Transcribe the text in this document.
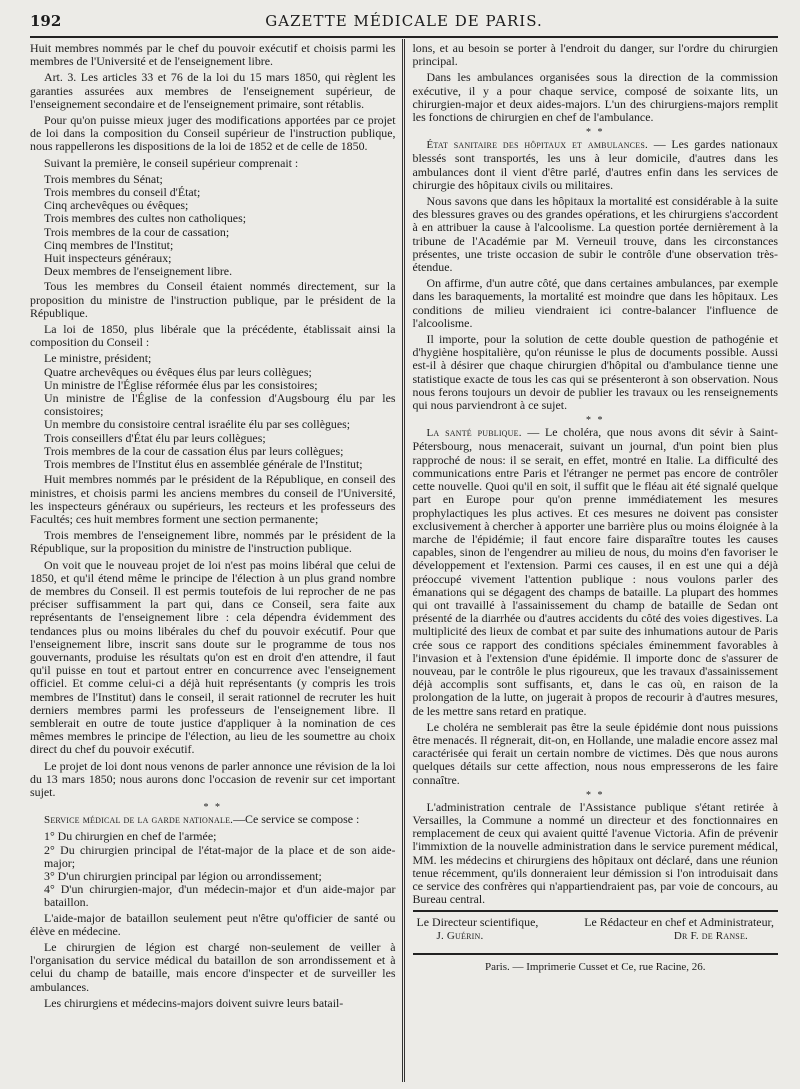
192	GAZETTE MÉDICALE DE PARIS.

Huit membres nommés par le chef du pouvoir exécutif et choisis parmi les membres de l'Université et de l'enseignement libre.

Art. 3. Les articles 33 et 76 de la loi du 15 mars 1850, qui règlent les garanties assurées aux membres de l'enseignement supérieur, de l'enseignement secondaire et de l'enseignement primaire, sont rétablis.

Pour qu'on puisse mieux juger des modifications apportées par ce projet de loi dans la composition du Conseil supérieur de l'instruction publique, nous rappellerons les dispositions de la loi de 1852 et de celle de 1850.

Suivant la première, le conseil supérieur comprenait :

Trois membres du Sénat;
Trois membres du conseil d'État;
Cinq archevêques ou évêques;
Trois membres des cultes non catholiques;
Trois membres de la cour de cassation;
Cinq membres de l'Institut;
Huit inspecteurs généraux;
Deux membres de l'enseignement libre.

Tous les membres du Conseil étaient nommés directement, sur la proposition du ministre de l'instruction publique, par le président de la République.

La loi de 1850, plus libérale que la précédente, établissait ainsi la composition du Conseil :

Le ministre, président;
Quatre archevêques ou évêques élus par leurs collègues;
Un ministre de l'Église réformée élus par les consistoires;
Un ministre de l'Église de la confession d'Augsbourg élu par les consistoires;
Un membre du consistoire central israélite élu par ses collègues;
Trois conseillers d'État élu par leurs collègues;
Trois membres de la cour de cassation élus par leurs collègues;
Trois membres de l'Institut élus en assemblée générale de l'Institut;

Huit membres nommés par le président de la République, en conseil des ministres, et choisis parmi les anciens membres du conseil de l'Université, les inspecteurs généraux ou supérieurs, les recteurs et les professeurs des Facultés; ces huit membres forment une section permanente;

Trois membres de l'enseignement libre, nommés par le président de la République, sur la proposition du ministre de l'instruction publique.

On voit que le nouveau projet de loi n'est pas moins libéral que celui de 1850, et qu'il étend même le principe de l'élection à un plus grand nombre de membres du Conseil. Il est permis toutefois de lui reprocher de ne pas préciser suffisamment la part qui, dans ce Conseil, sera faite aux représentants de l'enseignement libre : cela dépendra évidemment des tendances plus ou moins libérales du chef du pouvoir exécutif. Pour que l'enseignement libre, inscrit sans doute sur le programme de tous nos gouvernants, produise les résultats qu'on est en droit d'en attendre, il faut qu'il puisse en tout et partout entrer en concurrence avec l'enseignement officiel. Et comme celui-ci a déjà huit représentants (y compris les trois membres de l'Institut) dans le conseil, il serait rationnel de recruter les huit derniers membres parmi les professeurs de l'enseignement libre. Il semblerait en outre de toute justice d'appliquer à la nomination de ces mêmes membres le principe de l'élection, au lieu de les soumettre au choix direct du chef du pouvoir exécutif.

Le projet de loi dont nous venons de parler annonce une révision de la loi du 13 mars 1850; nous aurons donc l'occasion de revenir sur cet important sujet.

* *

Service médical de la garde nationale.—Ce service se compose :

1° Du chirurgien en chef de l'armée;
2° Du chirurgien principal de l'état-major de la place et de son aide-major;
3° D'un chirurgien principal par légion ou arrondissement;
4° D'un chirurgien-major, d'un médecin-major et d'un aide-major par bataillon.

L'aide-major de bataillon seulement peut n'être qu'officier de santé ou élève en médecine.

Le chirurgien de légion est chargé non-seulement de veiller à l'organisation du service médical du bataillon de son arrondissement et à celui du champ de bataille, mais encore d'inspecter et de surveiller les ambulances.

Les chirurgiens et médecins-majors doivent suivre leurs batail-

lons, et au besoin se porter à l'endroit du danger, sur l'ordre du chirurgien principal.

Dans les ambulances organisées sous la direction de la commission exécutive, il y a pour chaque service, composé de soixante lits, un chirurgien-major et deux aides-majors. L'un des chirurgiens-majors remplit les fonctions de chirurgien en chef de l'ambulance.

* *

État sanitaire des hôpitaux et ambulances. — Les gardes nationaux blessés sont transportés, les uns à leur domicile, d'autres dans les ambulances dont il vient d'être parlé, d'autres enfin dans les services de chirurgie des hôpitaux civils ou militaires.

Nous savons que dans les hôpitaux la mortalité est considérable à la suite des blessures graves ou des grandes opérations, et les chirurgiens s'accordent à en attribuer la cause à l'alcoolisme. La question portée dernièrement à la tribune de l'Académie par M. Verneuil trouve, dans les circonstances présentes, une triste occasion de subir le contrôle d'une observation très-étendue.

On affirme, d'un autre côté, que dans certaines ambulances, par exemple dans les baraquements, la mortalité est moindre que dans les hôpitaux. Les conditions de milieu viendraient ici contre-balancer l'influence de l'alcoolisme.

Il importe, pour la solution de cette double question de pathogénie et d'hygiène hospitalière, qu'on réunisse le plus de documents possible. Aussi est-il à désirer que chaque chirurgien d'hôpital ou d'ambulance tienne une statistique exacte de tous les cas qui se présenteront à son observation. Nous nous ferons toujours un devoir de publier les travaux ou les renseignements qui nous parviendront à ce sujet.

* *

La santé publique. — Le choléra, que nous avons dit sévir à Saint-Pétersbourg, nous menacerait, suivant un journal, d'un point bien plus rapproché de nous: il se serait, en effet, montré en Italie. La difficulté des communications entre Paris et l'étranger ne permet pas encore de contrôler cette nouvelle. Quoi qu'il en soit, il suffit que le fléau ait été signalé quelque part en Europe pour qu'on prenne immédiatement les mesures prophylactiques les plus actives. Et ces mesures ne doivent pas consister exclusivement à chercher à apporter une barrière plus ou moins éloignée à la marche de l'épidémie; il faut encore faire disparaître toutes les causes capables, sinon de l'engendrer au milieu de nous, du moins d'en favoriser le développement et l'extension. Parmi ces causes, il en est une qui a déjà préoccupé vivement l'attention publique : nous voulons parler des émanations qui se dégagent des champs de bataille. La plupart des hommes qui ont travaillé à l'assainissement du champ de bataille de Sedan ont présenté de la diarrhée ou d'autres accidents du côté des voies digestives. La multiplicité des lieux de combat et par suite des inhumations autour de Paris crée sous ce rapport des conditions spéciales éminemment favorables à l'invasion et à l'extension d'une épidémie. Il importe donc de s'assurer de nouveau, par le contrôle le plus rigoureux, que les travaux d'assainissement déjà accomplis sont suffisants, et, dans le cas où, en raison de la prolongation de la lutte, on jugerait à propos de recourir à d'autres mesures, de les mettre sans retard en pratique.

Le choléra ne semblerait pas être la seule épidémie dont nous puissions être menacés. Il régnerait, dit-on, en Hollande, une maladie encore assez mal caractérisée qui ferait un certain nombre de victimes. Dès que nous aurons quelques détails sur cette affection, nous nous empresserons de les faire connaître.

* *

L'administration centrale de l'Assistance publique s'étant retirée à Versailles, la Commune a nommé un directeur et des fonctionnaires en remplacement de ceux qui avaient quitté l'avenue Victoria. Afin de prévenir l'immixtion de la nouvelle administration dans le service purement médical, MM. les médecins et chirurgiens des hôpitaux ont déclaré, dans une réunion tenue récemment, qu'ils donneraient leur démission si l'on introduisait dans ce service des confrères qui n'appartiendraient pas, par voie de concours, au Bureau central.

Le Directeur scientifique,	Le Rédacteur en chef et Administrateur,
J. Guérin.	Dr F. de Ranse.
Paris. — Imprimerie Cusset et Ce, rue Racine, 26.
